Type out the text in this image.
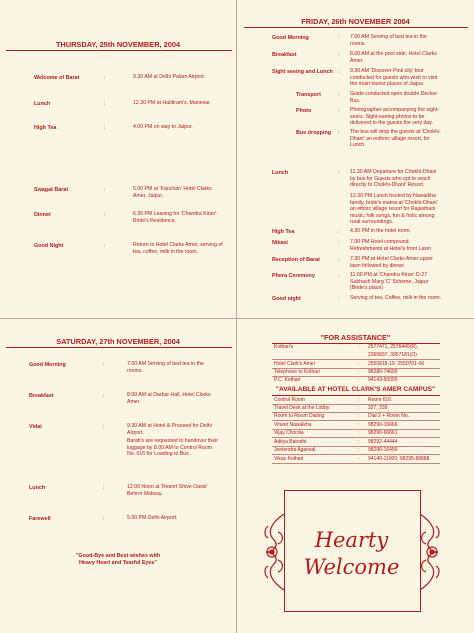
THURSDAY, 25th NOVEMBER, 2004
Welcome of Barat	:	9.30 AM at Delhi Palam Airport.
Lunch	:	12.30 PM at Haldiram's, Manesar.
High Tea	:	4.00 PM on way to Jaipur.
Swagat Barat	:	5.00 PM at 'Kanchan' Hotel Clarks Amer, Jaipur.
Dinner	:	6.30 PM Leaving for 'Chandra Kiran': Bride's Residence.
Good Night	:	Return to Hotel Clarks Amer, serving of tea, coffee, milk in the room.
FRIDAY, 26th NOVEMBER 2004
Good Morning	: 7.00 AM Serving of bed tea in the rooms.
Breakfast	: 8.00 AM at the pool side, Hotel Clarks Amer.
Sight seeing and Lunch : 9.30 AM 'Discover Pink city' tour conducted for guests who wish to visit the main tourist places of Jaipur.
Transport	: Guide conducted open double Decker Bus.
Photo	: Photographer accompanying the sight-seers. Sight-seeing photos to be delivered to the guests the very day.
Bus dropping : The bus will drop the guests at 'Chokhi-Dhani' an enthnic village resort, for Lunch.
Lunch	: 11.30 AM Departure for Chokhi-Dhani by bus for Guests who opt to reach directly to Chokhi-Dhani' Resort.
12.30 PM Lunch hosted by Nawalkha family, bride's mama at 'Chokhi-Dhani' an ethnic village resort for Rajasthani music, folk songs, fun & frolic among rural surroundings.
High Tea	: 4.30 PM in the hotel room.
Nikasi	: 7.00 PM Hotel compound. Refreshments at Hotel's front Lawn
Reception of Barat	: 7.30 PM at Hotel Clarks Amer upper lawn followed by dinner.
Phera Ceremony	: 11.00 PM at 'Chandra Kiran' D-27 Subhash Marg 'C' Scheme, Jaipur (Bride's place)
Good night	: Serving of tea, Coffee, milk in the room.
SATURDAY, 27th NOVEMBER, 2004
Good Morning	:	7.00 AM Serving of bed tea in the rooms.
Breakfast	:	8.00 AM at Darbar Hall, Hotel Clarks Amer.
Vidai	:	9.30 AM at Hotel & Proceed for Delhi Airport.
Barati's are requested to handover their luggage by 8.00 AM to Control Room No. 616 for Loading to Bus.
Lunch	:	12.00 Noon at 'Resort Shive Oasis' Behror Midway.
Farewell	:	5.00 PM Delhi Airport.
"Good-Bye and Best wishes with
Heavy Heart and Tearful Eyes"
"FOR ASSISTANCE"
Kothari's	: 2577471, 2576449(R),
2365837, 3957181(O)
Hotel Clark's Amer	: 2550818-19, 2550701-06
Telephone to Kothari	: 98280-74600
P.C. Kothari	: 94143-50000
"AVAILABLE AT HOTEL CLARK'S AMER CAMPUS"
Control Room	: Room 616
Travel Desk at the Lobby	: 327, 339
Room to Room Dialing	: Dial 2 + Room No.
Vineet Nawalkha	: 98290-16666
Vijay Chordia	: 98290-66661
Aditya Bairathi	: 98292-44444
Jeetendra Agarwal	: 98290-16456
Vikas Kothari	: 94140-11000, 98295-88888
Hearty
Welcome
